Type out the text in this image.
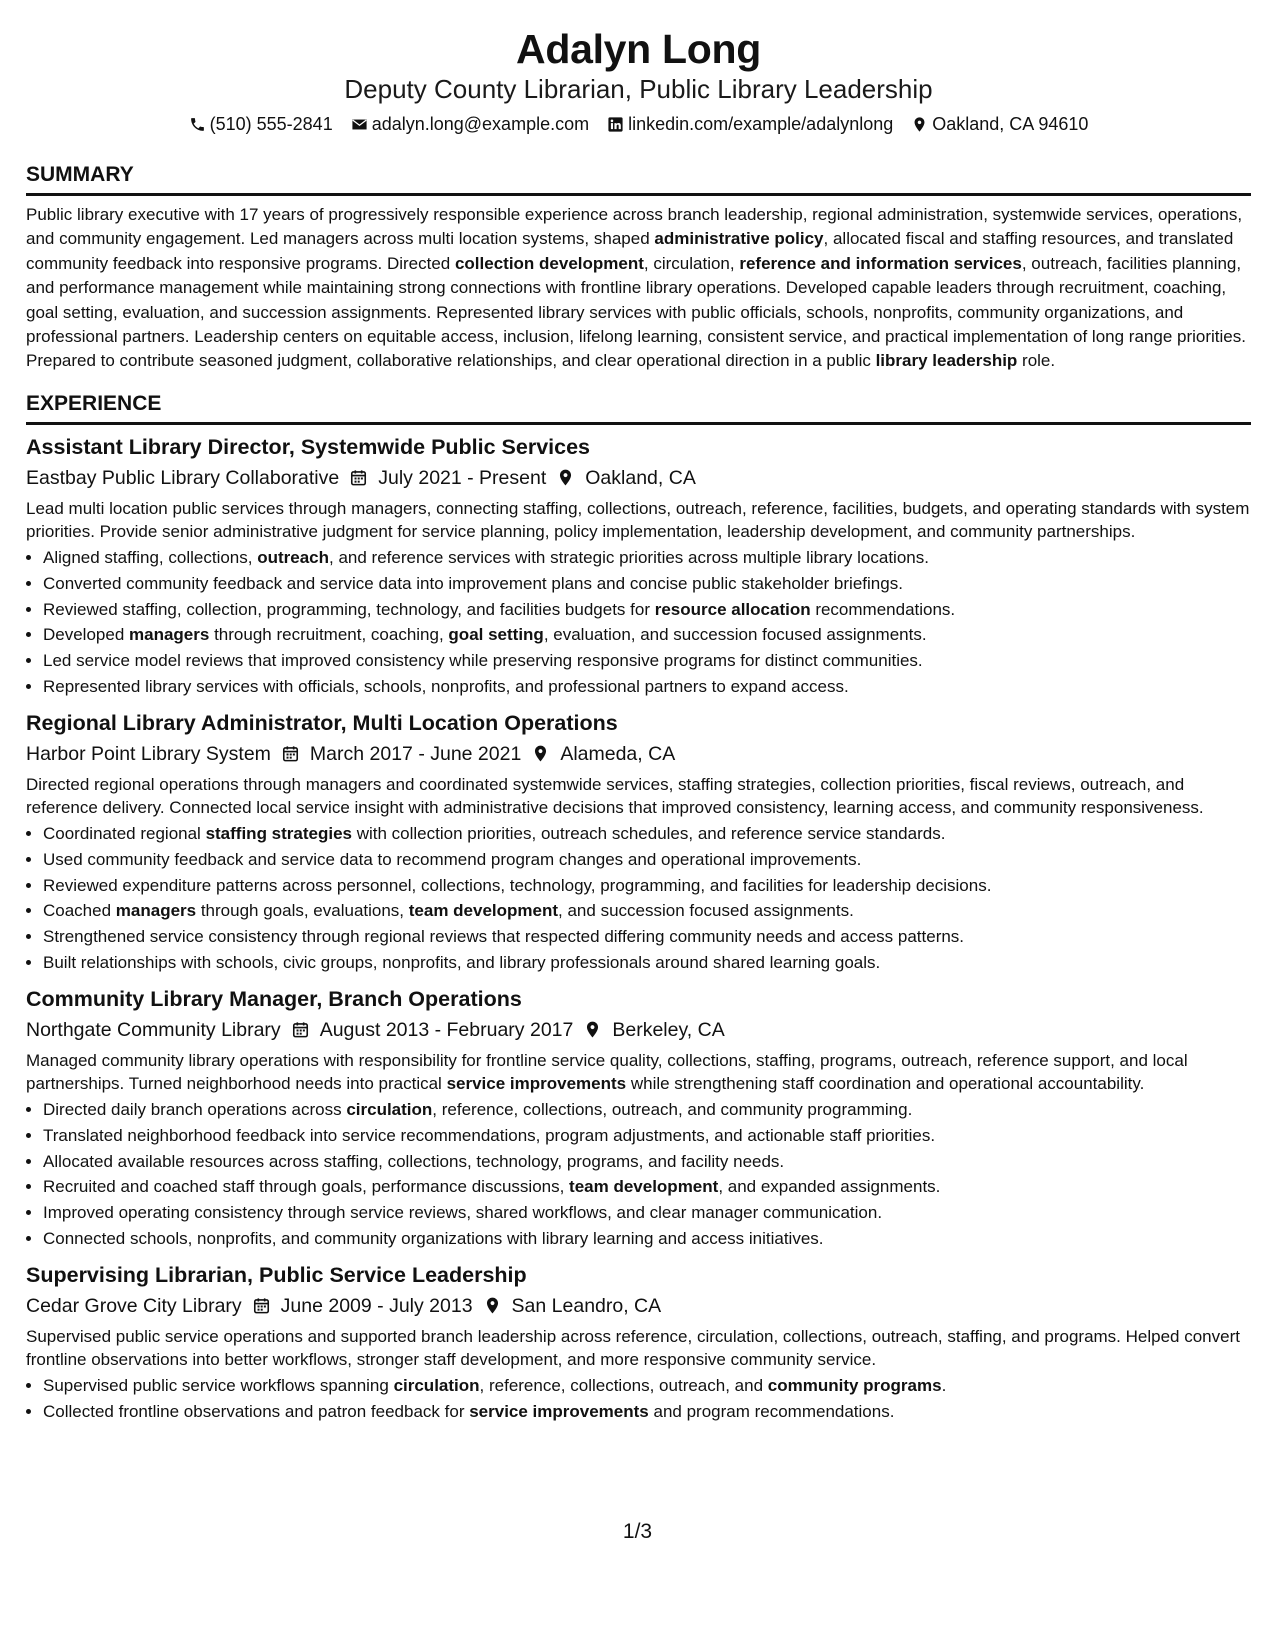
Adalyn Long
Deputy County Librarian, Public Library Leadership
(510) 555-2841 adalyn.long@example.com linkedin.com/example/adalynlong Oakland, CA 94610
SUMMARY
Public library executive with 17 years of progressively responsible experience across branch leadership, regional administration, systemwide services, operations, and community engagement. Led managers across multi location systems, shaped administrative policy, allocated fiscal and staffing resources, and translated community feedback into responsive programs. Directed collection development, circulation, reference and information services, outreach, facilities planning, and performance management while maintaining strong connections with frontline library operations. Developed capable leaders through recruitment, coaching, goal setting, evaluation, and succession assignments. Represented library services with public officials, schools, nonprofits, community organizations, and professional partners. Leadership centers on equitable access, inclusion, lifelong learning, consistent service, and practical implementation of long range priorities. Prepared to contribute seasoned judgment, collaborative relationships, and clear operational direction in a public library leadership role.
EXPERIENCE
Assistant Library Director, Systemwide Public Services
Eastbay Public Library Collaborative July 2021 - Present Oakland, CA
Lead multi location public services through managers, connecting staffing, collections, outreach, reference, facilities, budgets, and operating standards with system priorities. Provide senior administrative judgment for service planning, policy implementation, leadership development, and community partnerships.
• Aligned staffing, collections, outreach, and reference services with strategic priorities across multiple library locations.
• Converted community feedback and service data into improvement plans and concise public stakeholder briefings.
• Reviewed staffing, collection, programming, technology, and facilities budgets for resource allocation recommendations.
• Developed managers through recruitment, coaching, goal setting, evaluation, and succession focused assignments.
• Led service model reviews that improved consistency while preserving responsive programs for distinct communities.
• Represented library services with officials, schools, nonprofits, and professional partners to expand access.
Regional Library Administrator, Multi Location Operations
Harbor Point Library System March 2017 - June 2021 Alameda, CA
Directed regional operations through managers and coordinated systemwide services, staffing strategies, collection priorities, fiscal reviews, outreach, and reference delivery. Connected local service insight with administrative decisions that improved consistency, learning access, and community responsiveness.
• Coordinated regional staffing strategies with collection priorities, outreach schedules, and reference service standards.
• Used community feedback and service data to recommend program changes and operational improvements.
• Reviewed expenditure patterns across personnel, collections, technology, programming, and facilities for leadership decisions.
• Coached managers through goals, evaluations, team development, and succession focused assignments.
• Strengthened service consistency through regional reviews that respected differing community needs and access patterns.
• Built relationships with schools, civic groups, nonprofits, and library professionals around shared learning goals.
Community Library Manager, Branch Operations
Northgate Community Library August 2013 - February 2017 Berkeley, CA
Managed community library operations with responsibility for frontline service quality, collections, staffing, programs, outreach, reference support, and local partnerships. Turned neighborhood needs into practical service improvements while strengthening staff coordination and operational accountability.
• Directed daily branch operations across circulation, reference, collections, outreach, and community programming.
• Translated neighborhood feedback into service recommendations, program adjustments, and actionable staff priorities.
• Allocated available resources across staffing, collections, technology, programs, and facility needs.
• Recruited and coached staff through goals, performance discussions, team development, and expanded assignments.
• Improved operating consistency through service reviews, shared workflows, and clear manager communication.
• Connected schools, nonprofits, and community organizations with library learning and access initiatives.
Supervising Librarian, Public Service Leadership
Cedar Grove City Library June 2009 - July 2013 San Leandro, CA
Supervised public service operations and supported branch leadership across reference, circulation, collections, outreach, staffing, and programs. Helped convert frontline observations into better workflows, stronger staff development, and more responsive community service.
• Supervised public service workflows spanning circulation, reference, collections, outreach, and community programs.
• Collected frontline observations and patron feedback for service improvements and program recommendations.
1/3
